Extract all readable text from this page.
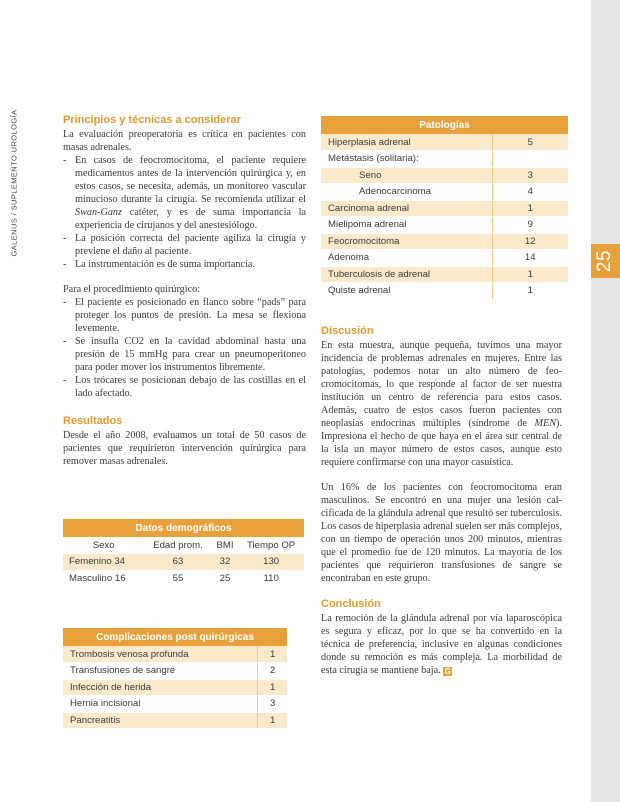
GALENUS / SUPLEMENTO UROLOGÍA
25
Principios y técnicas a considerar

La evaluación preoperatoria es crítica en pacientes con masas adrenales.

- En casos de feocromocitoma, el paciente requiere medicamentos antes de la intervención quirúrgica y, en estos casos, se necesita, además, un monitoreo vascular minucioso durante la cirugía. Se recomienda utilizar el Swan-Ganz catéter, y es de suma importancia la experiencia de cirujanos y del anestesiólogo.
- La posición correcta del paciente agiliza la cirugía y previene el daño al paciente.
- La instrumentación es de suma importancia.

Para el procedimiento quirúrgico:

- El paciente es posicionado en flanco sobre “pads” para proteger los puntos de presión. La mesa se flexiona levemente.
- Se insufla CO2 en la cavidad abdominal hasta una presión de 15 mmHg para crear un pneumoperitoneo para poder mover los instrumentos libremente.
- Los trócares se posicionan debajo de las costillas en el lado afectado.
Resultados

Desde el año 2008, evaluamos un total de 50 casos de pacientes que requirieron intervención quirúrgica para remover masas adrenales.

Datos demográficos			
Sexo	Edad prom.	BMI	Tiempo OP
Femenino 34	63	32	130
Masculino 16	55	25	110
Complicaciones post quirúrgicas	
Trombosis venosa profunda	1
Transfusiones de sangre	2
Infección de herida	1
Hernia incisional	3
Pancreatitis	1
Patologías	
Hiperplasia adrenal	5
Metástasis (solitaria):	
Seno	3
Adenocarcinoma	4
Carcinoma adrenal	1
Mielipoma adrenal	9
Feocromocitoma	12
Adenoma	14
Tuberculosis de adrenal	1
Quiste adrenal	1
Discusión

En esta muestra, aunque pequeña, tuvimos una mayor incidencia de problemas adrenales en mujeres. Entre las patologías, podemos notar un alto número de feocromocitomas, lo que responde al factor de ser nuestra institución un centro de referencia para estos casos. Además, cuatro de estos casos fueron pacientes con neoplasias endocrinas múltiples (síndrome de MEN). Impresiona el hecho de que haya en el área sur central de la isla un mayor número de estos casos, aunque esto requiere confirmarse con una mayor casuística.

Un 16% de los pacientes con feocromocitoma eran masculinos. Se encontró en una mujer una lesión calcificada de la glándula adrenal que resultó ser tuberculosis. Los casos de hiperplasia adrenal suelen ser más complejos, con un tiempo de operación unos 200 minutos, mientras que el promedio fue de 120 minutos. La mayoría de los pacientes que requirieron transfusiones de sangre se encontraban en este grupo.

Conclusión

La remoción de la glándula adrenal por vía laparoscópica es segura y eficaz, por lo que se ha convertido en la técnica de preferencia, inclusive en algunas condiciones donde su remoción es más compleja. La morbilidad de esta cirugía se mantiene baja. G
